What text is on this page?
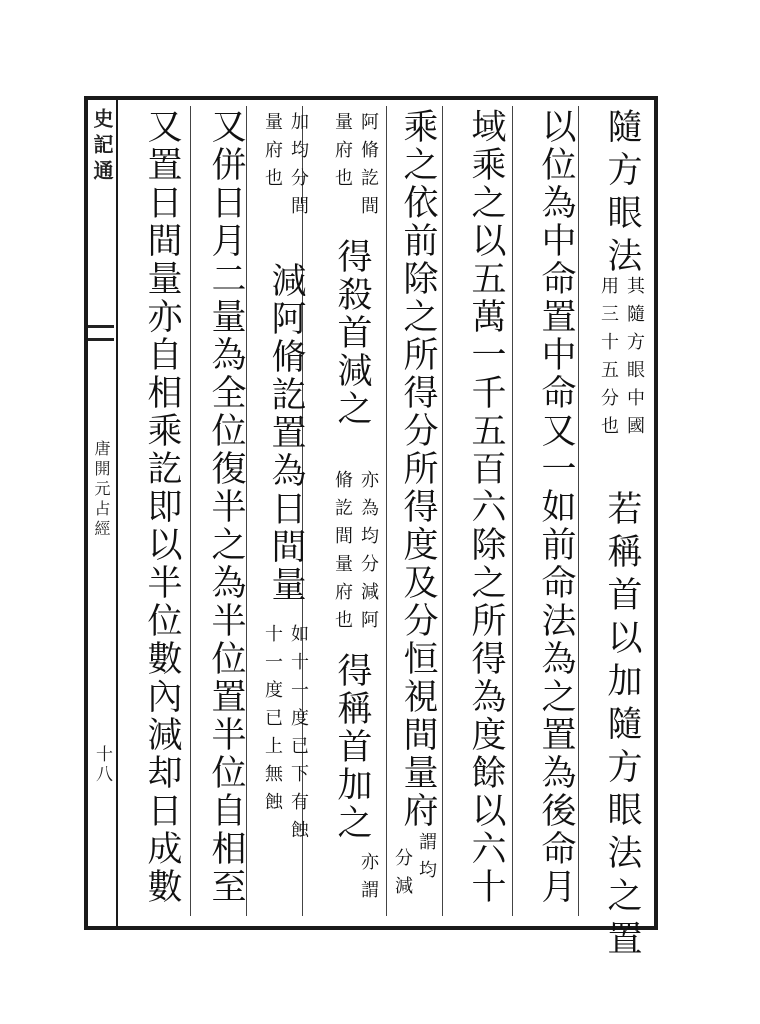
史記通
唐開元占經
十八
隨方眼法
其隨方眼中國
用三十五分也
若稱首以加隨方眼法之置
以位為中命置中命又一如前命法為之置為後命月
域乘之以五萬一千五百六除之所得為度餘以六十
乘之依前除之所得分所得度及分恒視間量府
謂均
分減
阿脩訖間
量府也
得殺首減之
亦為均分減阿
脩訖間量府也
得稱首加之
亦謂
加均分間
量府也
減阿脩訖置為日間量
如十一度已下有蝕
十一度已上無蝕
又併日月二量為全位復半之為半位置半位自相至
又置日間量亦自相乘訖即以半位數內減却日成數
